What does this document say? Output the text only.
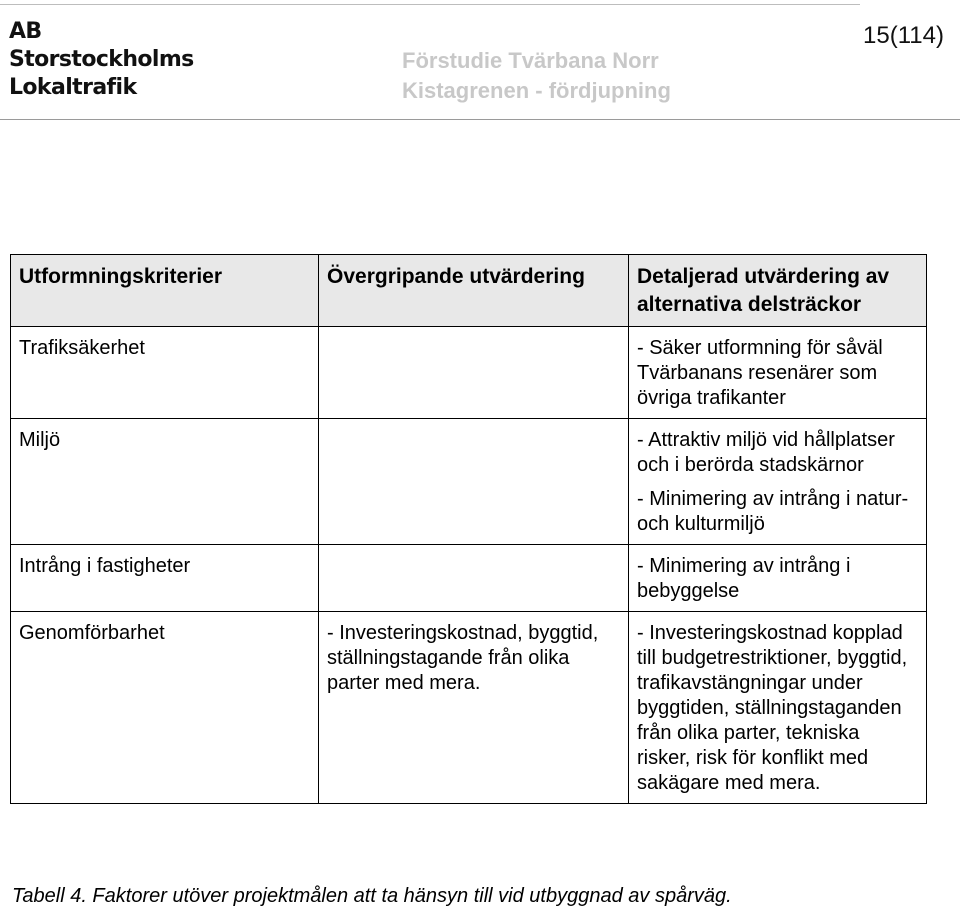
AB
Storstockholms
Lokaltrafik
Förstudie Tvärbana Norr
Kistagrenen - fördjupning
15(114)
Utformningskriterier	Övergripande utvärdering	Detaljerad utvärdering av alternativa delsträckor
Trafiksäkerhet		- Säker utformning för såväl Tvärbanans resenärer som övriga trafikanter

Miljö		- Attraktiv miljö vid hållplatser och i berörda stadskärnor
- Minimering av intrång i natur- och kulturmiljö

Intrång i fastigheter		- Minimering av intrång i bebyggelse

Genomförbarhet	- Investeringskostnad, byggtid, ställningstagande från olika parter med mera.	- Investeringskostnad kopplad till budgetrestriktioner, byggtid, trafikavstängningar under byggtiden, ställningstaganden från olika parter, tekniska risker, risk för konflikt med sakägare med mera.
Tabell 4. Faktorer utöver projektmålen att ta hänsyn till vid utbyggnad av spårväg.
